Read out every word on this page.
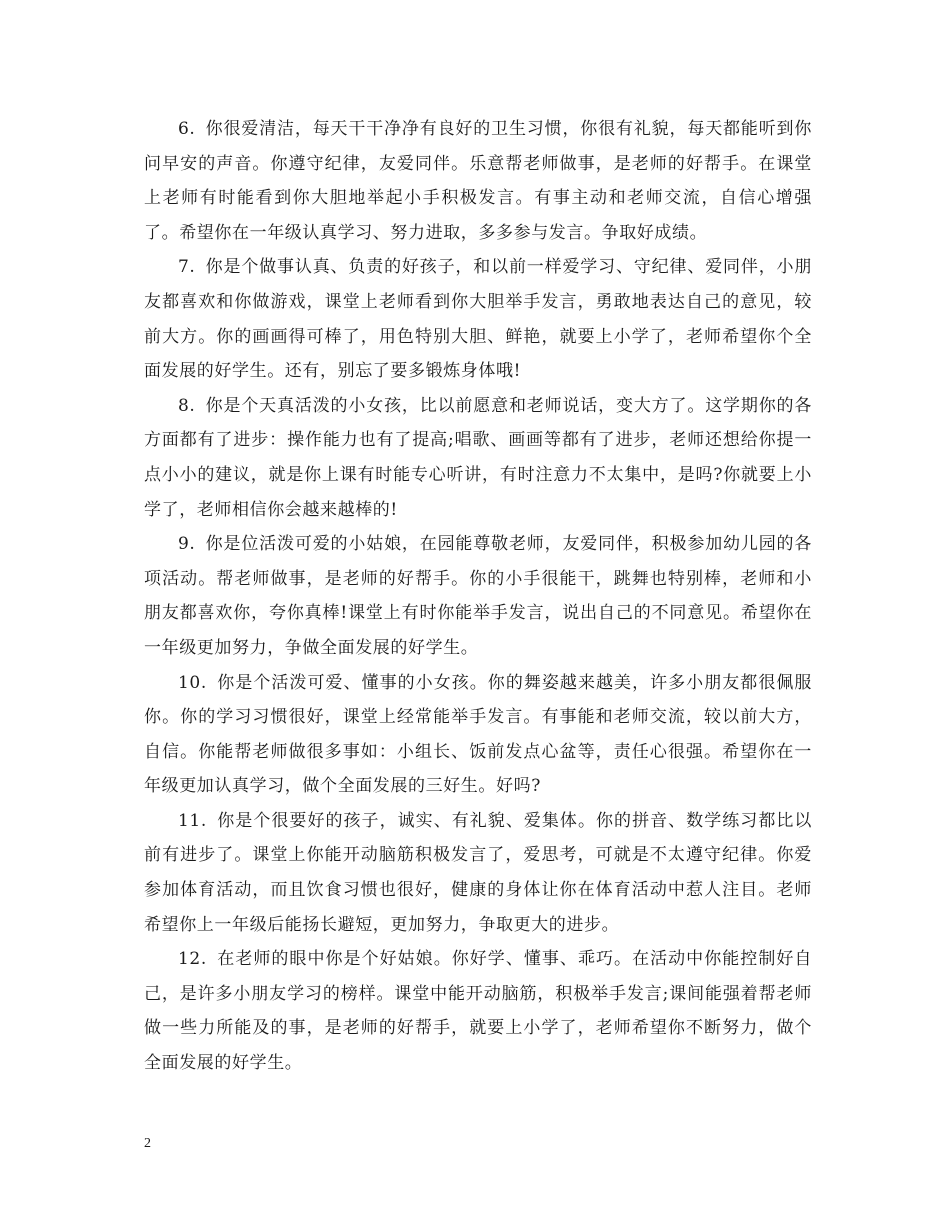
6. 你很爱清洁，每天干干净净有良好的卫生习惯，你很有礼貌，每天都能听到你问早安的声音。你遵守纪律，友爱同伴。乐意帮老师做事，是老师的好帮手。在课堂上老师有时能看到你大胆地举起小手积极发言。有事主动和老师交流，自信心增强了。希望你在一年级认真学习、努力进取，多多参与发言。争取好成绩。

7. 你是个做事认真、负责的好孩子，和以前一样爱学习、守纪律、爱同伴，小朋友都喜欢和你做游戏，课堂上老师看到你大胆举手发言，勇敢地表达自己的意见，较前大方。你的画画得可棒了，用色特别大胆、鲜艳，就要上小学了，老师希望你个全面发展的好学生。还有，别忘了要多锻炼身体哦!

8. 你是个天真活泼的小女孩，比以前愿意和老师说话，变大方了。这学期你的各方面都有了进步：操作能力也有了提高;唱歌、画画等都有了进步，老师还想给你提一点小小的建议，就是你上课有时能专心听讲，有时注意力不太集中，是吗?你就要上小学了，老师相信你会越来越棒的!

9. 你是位活泼可爱的小姑娘，在园能尊敬老师，友爱同伴，积极参加幼儿园的各项活动。帮老师做事，是老师的好帮手。你的小手很能干，跳舞也特别棒，老师和小朋友都喜欢你，夸你真棒!课堂上有时你能举手发言，说出自己的不同意见。希望你在一年级更加努力，争做全面发展的好学生。

10. 你是个活泼可爱、懂事的小女孩。你的舞姿越来越美，许多小朋友都很佩服你。你的学习习惯很好，课堂上经常能举手发言。有事能和老师交流，较以前大方，自信。你能帮老师做很多事如：小组长、饭前发点心盆等，责任心很强。希望你在一年级更加认真学习，做个全面发展的三好生。好吗?

11. 你是个很要好的孩子，诚实、有礼貌、爱集体。你的拼音、数学练习都比以前有进步了。课堂上你能开动脑筋积极发言了，爱思考，可就是不太遵守纪律。你爱参加体育活动，而且饮食习惯也很好，健康的身体让你在体育活动中惹人注目。老师希望你上一年级后能扬长避短，更加努力，争取更大的进步。

12. 在老师的眼中你是个好姑娘。你好学、懂事、乖巧。在活动中你能控制好自己，是许多小朋友学习的榜样。课堂中能开动脑筋，积极举手发言;课间能强着帮老师做一些力所能及的事，是老师的好帮手，就要上小学了，老师希望你不断努力，做个全面发展的好学生。

2
